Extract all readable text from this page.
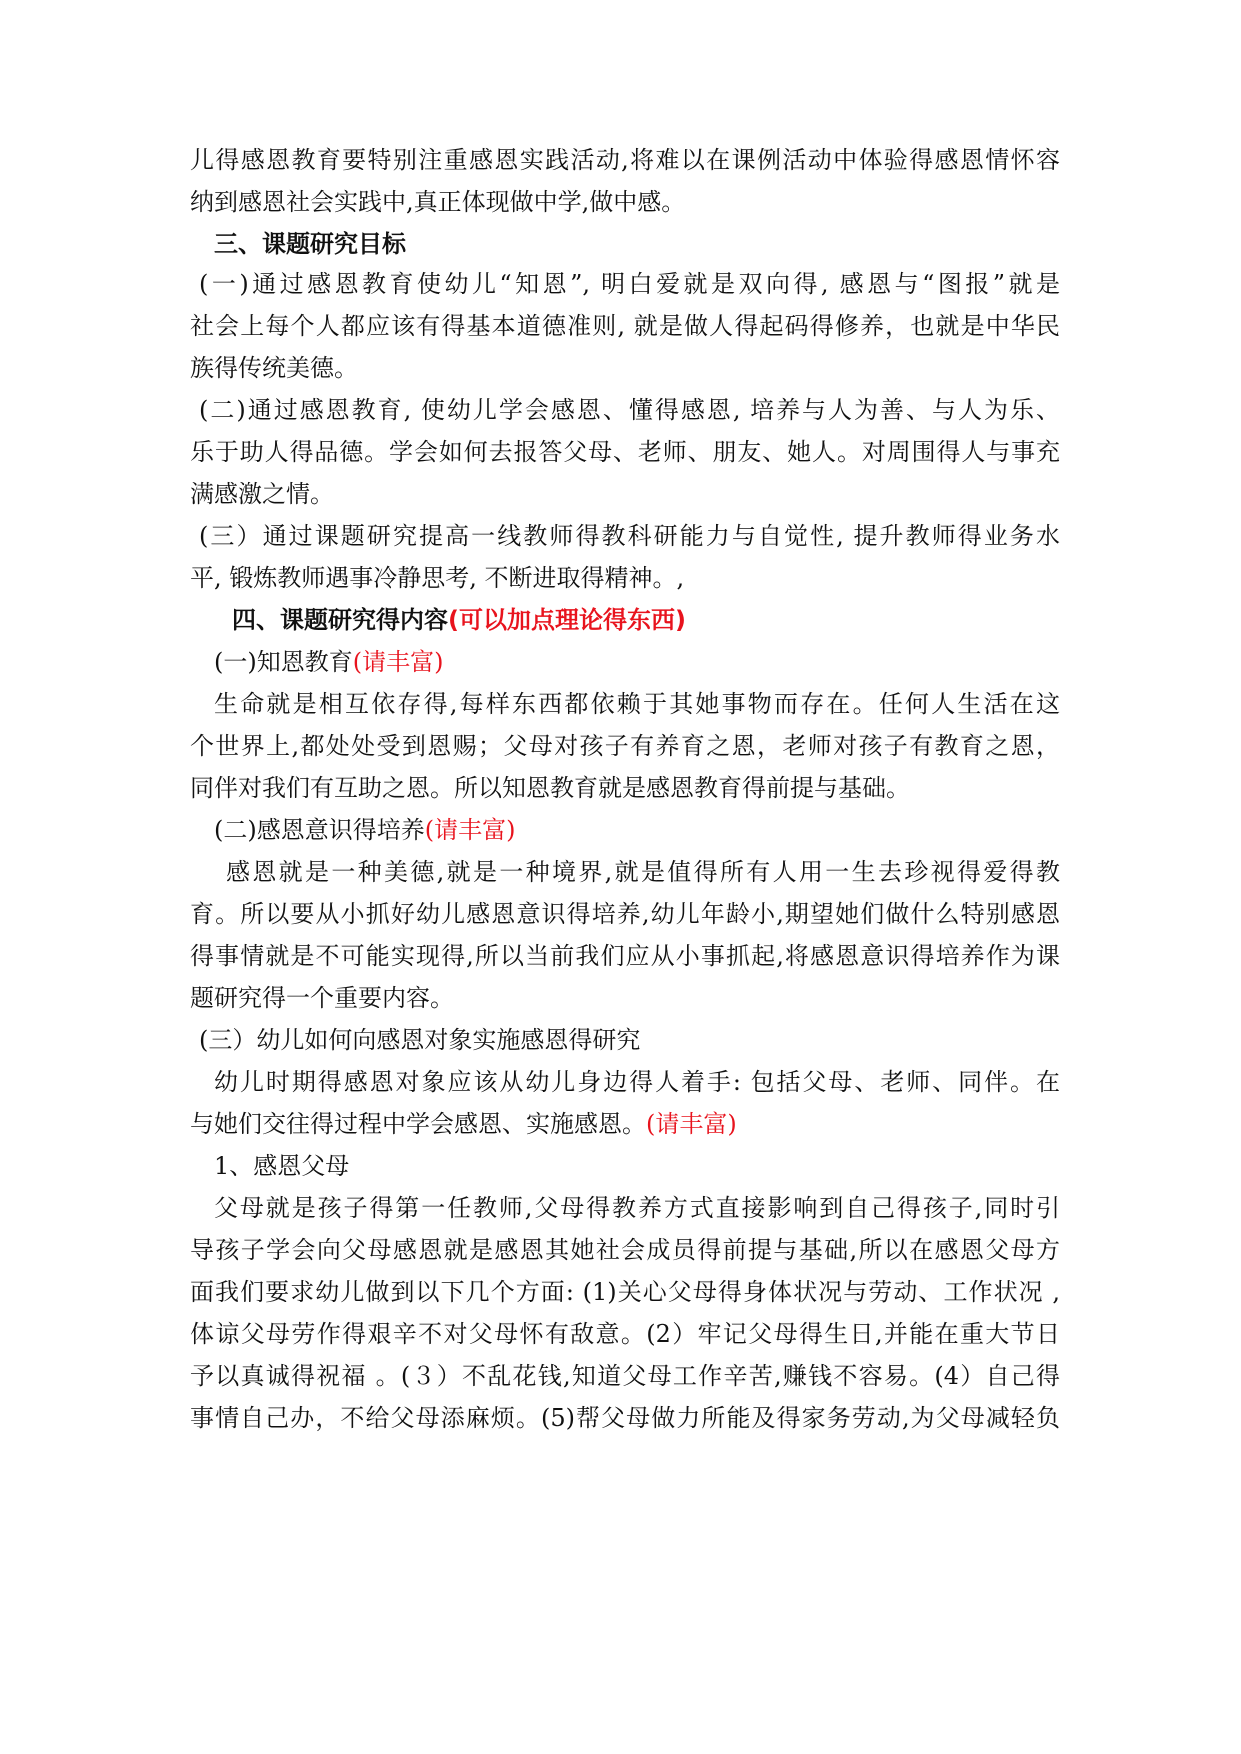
儿得感恩教育要特别注重感恩实践活动,将难以在课例活动中体验得感恩情怀容
纳到感恩社会实践中,真正体现做中学,做中感。
三、课题研究目标
(一)通过感恩教育使幼儿“知恩”, 明白爱就是双向得, 感恩与“图报”就是
社会上每个人都应该有得基本道德准则, 就是做人得起码得修养，也就是中华民
族得传统美德。
(二)通过感恩教育, 使幼儿学会感恩、懂得感恩, 培养与人为善、与人为乐、
乐于助人得品德。学会如何去报答父母、老师、朋友、她人。对周围得人与事充
满感激之情。
(三）通过课题研究提高一线教师得教科研能力与自觉性, 提升教师得业务水
平, 锻炼教师遇事冷静思考, 不断进取得精神。,
四、课题研究得内容(可以加点理论得东西)
(一)知恩教育(请丰富)
生命就是相互依存得,每样东西都依赖于其她事物而存在。任何人生活在这
个世界上,都处处受到恩赐；父母对孩子有养育之恩，老师对孩子有教育之恩，
同伴对我们有互助之恩。所以知恩教育就是感恩教育得前提与基础。
(二)感恩意识得培养(请丰富)
感恩就是一种美德,就是一种境界,就是值得所有人用一生去珍视得爱得教
育。所以要从小抓好幼儿感恩意识得培养,幼儿年龄小,期望她们做什么特别感恩
得事情就是不可能实现得,所以当前我们应从小事抓起,将感恩意识得培养作为课
题研究得一个重要内容。
(三）幼儿如何向感恩对象实施感恩得研究
幼儿时期得感恩对象应该从幼儿身边得人着手: 包括父母、老师、同伴。在
与她们交往得过程中学会感恩、实施感恩。(请丰富)
1、感恩父母
父母就是孩子得第一任教师,父母得教养方式直接影响到自己得孩子,同时引
导孩子学会向父母感恩就是感恩其她社会成员得前提与基础,所以在感恩父母方
面我们要求幼儿做到以下几个方面: (1)关心父母得身体状况与劳动、工作状况 ,
体谅父母劳作得艰辛不对父母怀有敌意。(2）牢记父母得生日,并能在重大节日
予以真诚得祝福 。(３）不乱花钱,知道父母工作辛苦,赚钱不容易。(4）自己得
事情自己办，不给父母添麻烦。(5)帮父母做力所能及得家务劳动,为父母减轻负
